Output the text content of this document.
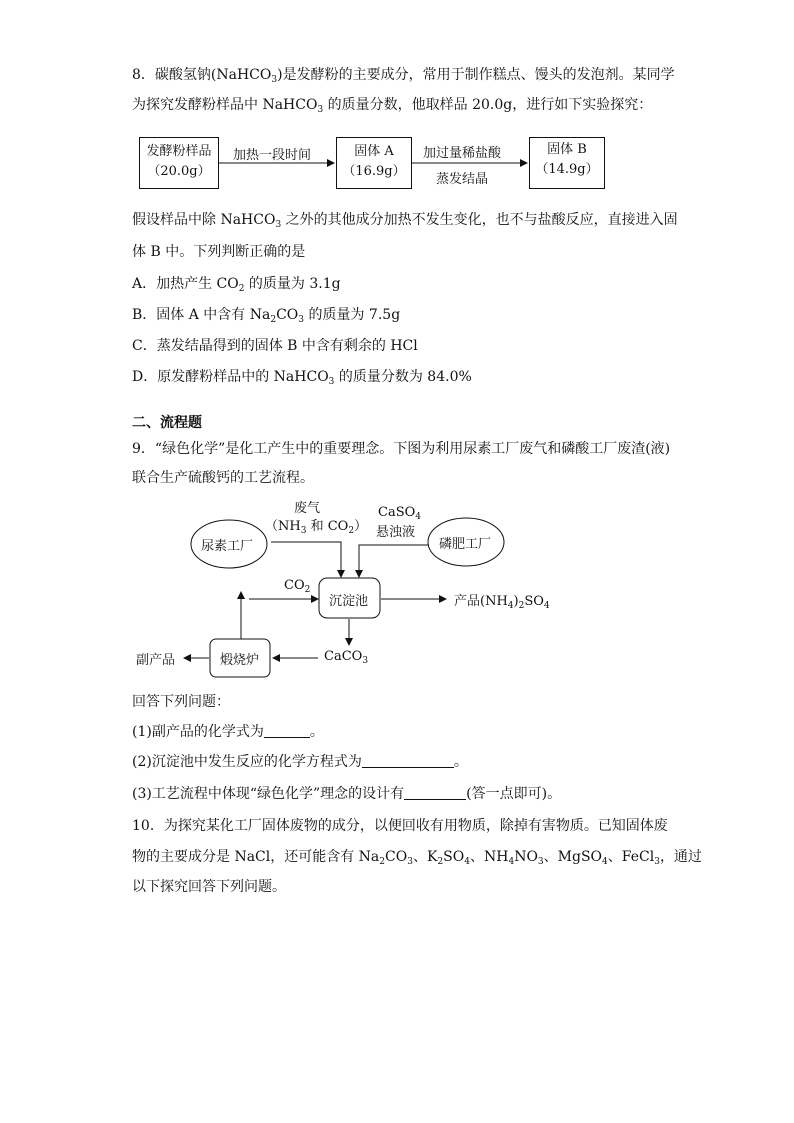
8．碳酸氢钠(NaHCO$_3$)是发酵粉的主要成分，常用于制作糕点、馒头的发泡剂。某同学
为探究发酵粉样品中 NaHCO$_3$ 的质量分数，他取样品 20.0g，进行如下实验探究：
发酵粉样品
（20.0g）
加热一段时间	固体 A
（16.9g）
加过量稀盐酸
蒸发结晶
固体 B
（14.9g）
假设样品中除 NaHCO$_3$ 之外的其他成分加热不发生变化，也不与盐酸反应，直接进入固
体 B 中。下列判断正确的是
A．加热产生 $CO_2$ 的质量为 3.1g
B．固体 A 中含有 $Na_2CO_3$ 的质量为 7.5g
C．蒸发结晶得到的固体 B 中含有剩余的 HCl
D．原发酵粉样品中的 NaHCO$_3$ 的质量分数为 84.0%
二、流程题
9．“绿色化学”是化工产生中的重要理念。下图为利用尿素工厂废气和磷酸工厂废渣(液)
联合生产硫酸钙的工艺流程。
尿素工厂
废气
（$NH_3$ 和 $CO_2$）
CaSO$_4$
悬浊液
磷肥工厂
$CO_2$
沉淀池	产品$(NH_4)_2SO_4$
副产品	煅烧炉	CaCO$_3$
回答下列问题：
(1)副产品的化学式为	。
(2)沉淀池中发生反应的化学方程式为	。
(3)工艺流程中体现“绿色化学”理念的设计有	(答一点即可)。
10．为探究某化工厂固体废物的成分，以便回收有用物质，除掉有害物质。已知固体废
物的主要成分是 NaCl，还可能含有 $Na_2CO_3$、$K_2SO_4$、$NH_4NO_3$、MgSO$_4$、FeCl$_3$，通过
以下探究回答下列问题。
